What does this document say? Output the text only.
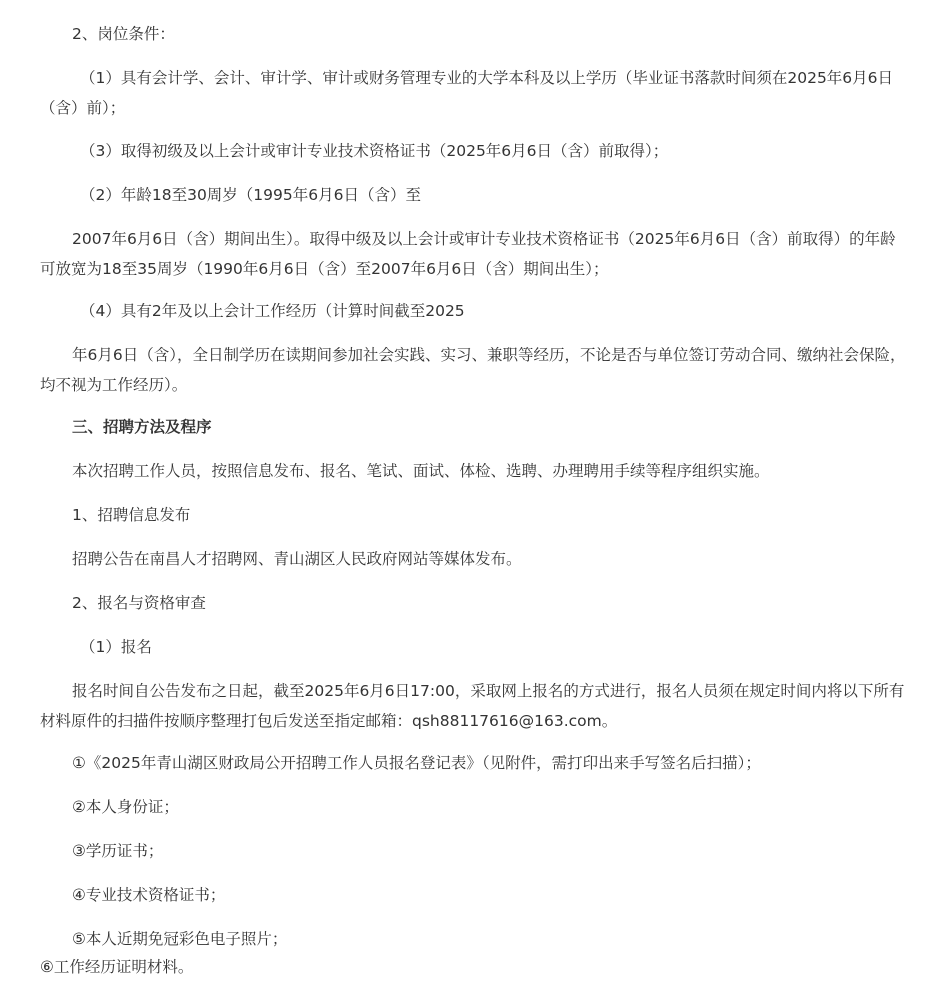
2、岗位条件：
（1）具有会计学、会计、审计学、审计或财务管理专业的大学本科及以上学历（毕业证书落款时间须在2025年6月6日（含）前）；
（3）取得初级及以上会计或审计专业技术资格证书（2025年6月6日（含）前取得）；
（2）年龄18至30周岁（1995年6月6日（含）至
2007年6月6日（含）期间出生）。取得中级及以上会计或审计专业技术资格证书（2025年6月6日（含）前取得）的年龄可放宽为18至35周岁（1990年6月6日（含）至2007年6月6日（含）期间出生）；
（4）具有2年及以上会计工作经历（计算时间截至2025
年6月6日（含），全日制学历在读期间参加社会实践、实习、兼职等经历，不论是否与单位签订劳动合同、缴纳社会保险，均不视为工作经历）。
三、招聘方法及程序
本次招聘工作人员，按照信息发布、报名、笔试、面试、体检、选聘、办理聘用手续等程序组织实施。
1、招聘信息发布
招聘公告在南昌人才招聘网、青山湖区人民政府网站等媒体发布。
2、报名与资格审查
（1）报名
报名时间自公告发布之日起，截至2025年6月6日17:00，采取网上报名的方式进行，报名人员须在规定时间内将以下所有材料原件的扫描件按顺序整理打包后发送至指定邮箱：qsh88117616@163.com。
①《2025年青山湖区财政局公开招聘工作人员报名登记表》（见附件，需打印出来手写签名后扫描）；
②本人身份证；
③学历证书；
④专业技术资格证书；
⑤本人近期免冠彩色电子照片；
⑥工作经历证明材料。
